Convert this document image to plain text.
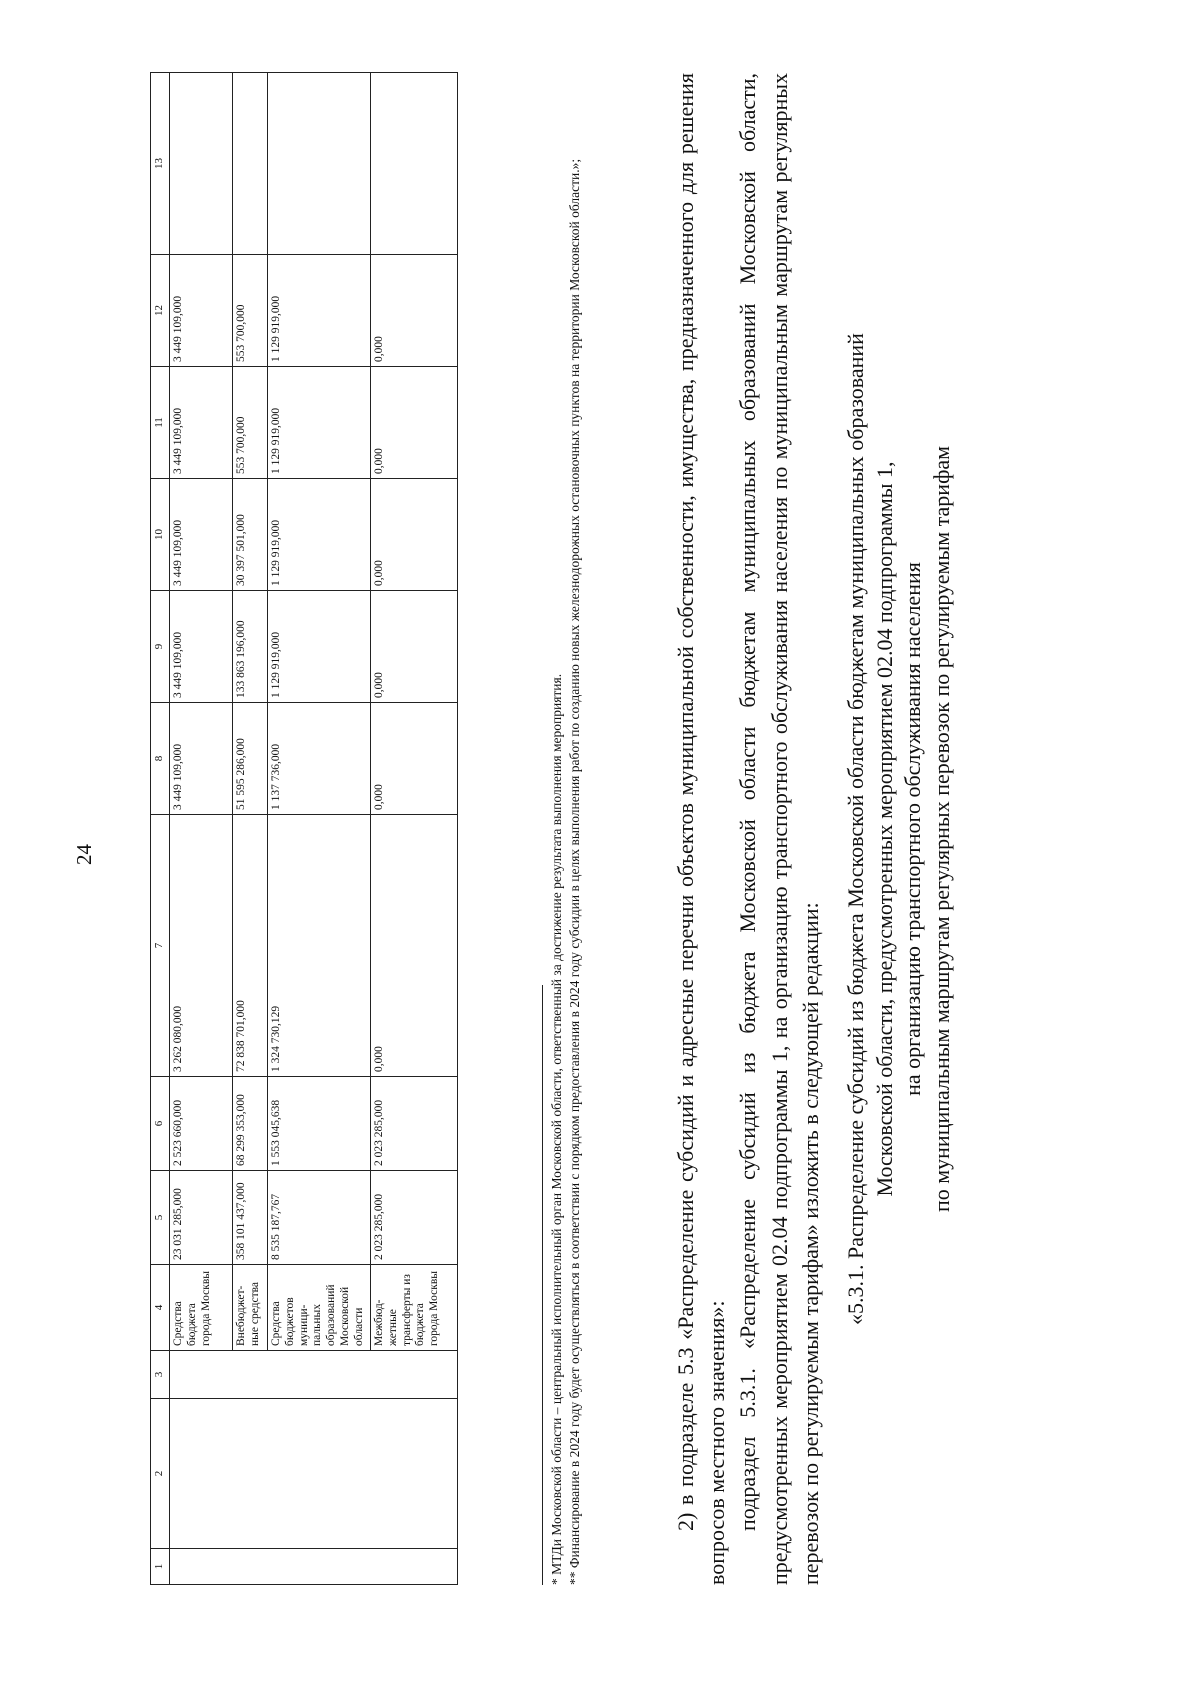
24
1	2	3	4	5	6	7	8	9	10	11	12	13
			Средства бюджета города Москвы	23 031 285,000	2 523 660,000	3 262 080,000	3 449 109,000	3 449 109,000	3 449 109,000	3 449 109,000	3 449 109,000	
			Внебюджет-ные средства	358 101 437,000	68 299 353,000	72 838 701,000	51 595 286,000	133 863 196,000	30 397 501,000	553 700,000	553 700,000	
			Средства бюджетов муници-пальных образований Московской области	8 535 187,767	1 553 045,638	1 324 730,129	1 137 736,000	1 129 919,000	1 129 919,000	1 129 919,000	1 129 919,000	
			Межбюд-жетные трансферты из бюджета города Москвы	2 023 285,000	2 023 285,000	0,000	0,000	0,000	0,000	0,000	0,000	

* МТДи Московской области – центральный исполнительный орган Московской области, ответственный за достижение результата выполнения мероприятия. ** Финансирование в 2024 году будет осуществляться в соответствии с порядком предоставления в 2024 году субсидии в целях выполнения работ по созданию новых железнодорожных остановочных пунктов на территории Московской области.»;	2) в подразделе 5.3 «Распределение субсидий и адресные перечни объектов муниципальной собственности, имущества, предназначенного для решения вопросов местного значения»: подраздел 5.3.1. «Распределение субсидий из бюджета Московской области бюджетам муниципальных образований Московской области, предусмотренных мероприятием 02.04 подпрограммы 1, на организацию транспортного обслуживания населения по муниципальным маршрутам регулярных перевозок по регулируемым тарифам» изложить в следующей редакции: «5.3.1. Распределение субсидий из бюджета Московской области бюджетам муниципальных образований Московской области, предусмотренных мероприятием 02.04 подпрограммы 1, на организацию транспортного обслуживания населения по муниципальным маршрутам регулярных перевозок по регулируемым тарифам
